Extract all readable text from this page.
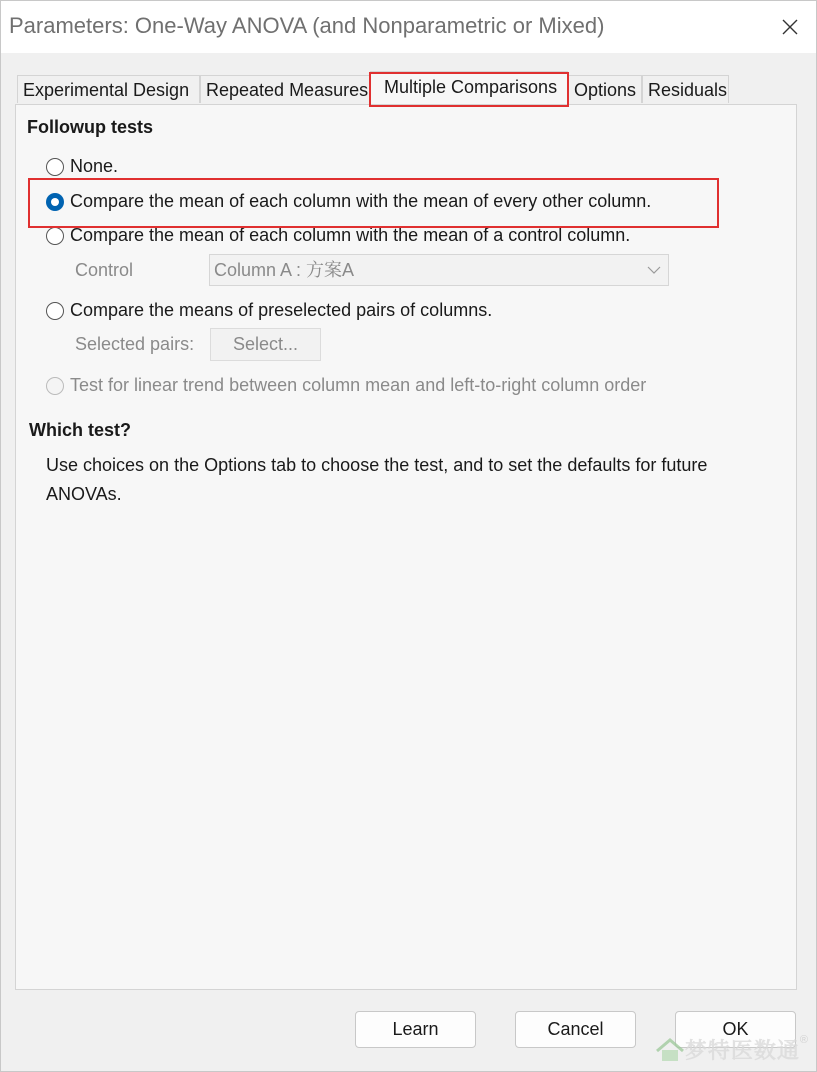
Parameters: One-Way ANOVA (and Nonparametric or Mixed)
Experimental Design Repeated Measures Multiple Comparisons Options Residuals
Followup tests
None.
Compare the mean of each column with the mean of every other column.
Compare the mean of each column with the mean of a control column.
Control	Column A : 方案A
Compare the means of preselected pairs of columns.
Selected pairs:	Select...
Test for linear trend between column mean and left-to-right column order
Which test?
Use choices on the Options tab to choose the test, and to set the defaults for future ANOVAs.
Learn	Cancel	OK
梦特医数通 ®
